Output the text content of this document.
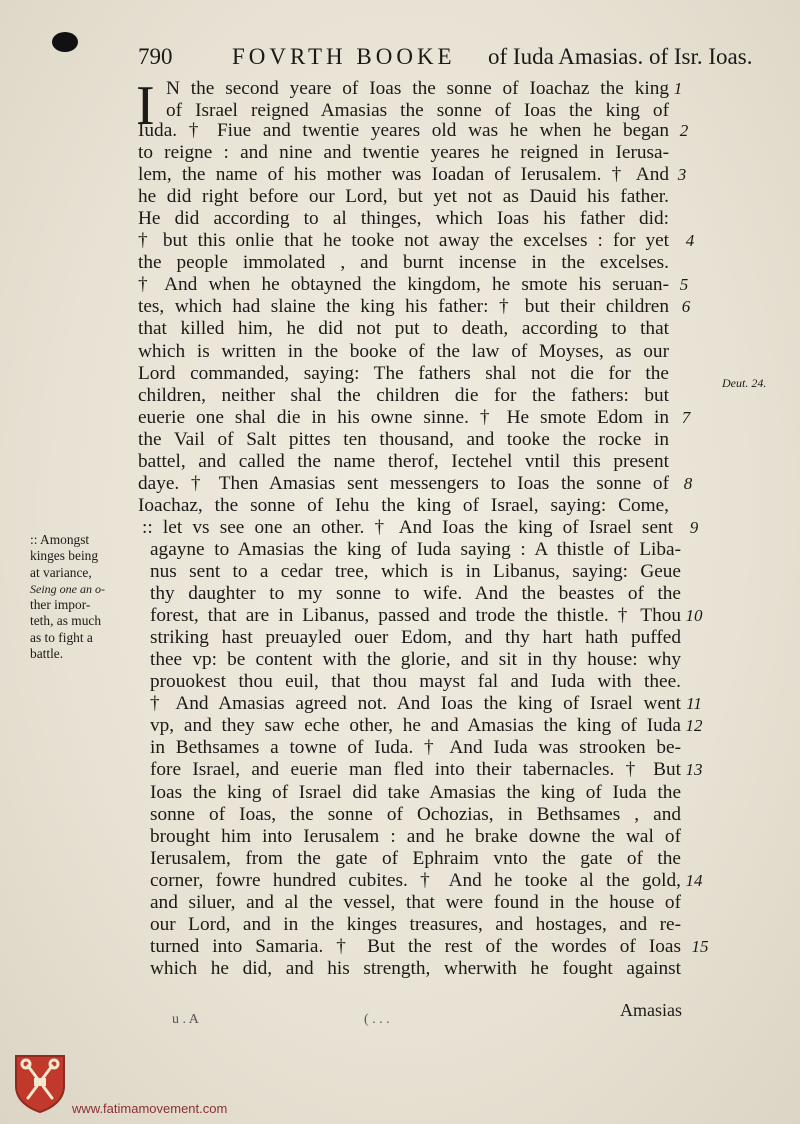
790	FOVRTH BOOKE of Iuda Amasias. of Isr. Ioas.
I N the second yeare of Ioas the sonne of Ioachaz the king
of Israel reigned Amasias the sonne of Ioas the king of
Iuda. † Fiue and twentie yeares old was he when he began
to reigne : and nine and twentie yeares he reigned in Ierusa-
lem, the name of his mother was Ioadan of Ierusalem. † And
he did right before our Lord, but yet not as Dauid his father.
He did according to al thinges, which Ioas his father did:
† but this onlie that he tooke not away the excelses : for yet
the people immolated , and burnt incense in the excelses.
† And when he obtayned the kingdom, he smote his seruan-
tes, which had slaine the king his father: † but their children
that killed him, he did not put to death, according to that
which is written in the booke of the law of Moyses, as our
Lord commanded, saying: The fathers shal not die for the
children, neither shal the children die for the fathers: but
euerie one shal die in his owne sinne. † He smote Edom in
the Vail of Salt pittes ten thousand, and tooke the rocke in
battel, and called the name therof, Iectehel vntil this present
daye. † Then Amasias sent messengers to Ioas the sonne of
Ioachaz, the sonne of Iehu the king of Israel, saying: Come,
:: let vs see one an other. † And Ioas the king of Israel sent
agayne to Amasias the king of Iuda saying : A thistle of Liba-
nus sent to a cedar tree, which is in Libanus, saying: Geue
thy daughter to my sonne to wife. And the beastes of the
forest, that are in Libanus, passed and trode the thistle. † Thou
striking hast preuayled ouer Edom, and thy hart hath puffed
thee vp: be content with the glorie, and sit in thy house: why
prouokest thou euil, that thou mayst fal and Iuda with thee.
† And Amasias agreed not. And Ioas the king of Israel went
vp, and they saw eche other, he and Amasias the king of Iuda
in Bethsames a towne of Iuda. † And Iuda was strooken be-
fore Israel, and euerie man fled into their tabernacles. † But
Ioas the king of Israel did take Amasias the king of Iuda the
sonne of Ioas, the sonne of Ochozias, in Bethsames , and
brought him into Ierusalem : and he brake downe the wal of
Ierusalem, from the gate of Ephraim vnto the gate of the
corner, fowre hundred cubites. † And he tooke al the gold,
and siluer, and al the vessel, that were found in the house of
our Lord, and in the kinges treasures, and hostages, and re-
turned into Samaria. † But the rest of the wordes of Ioas
which he did, and his strength, wherwith he fought against
1
2
3
4
5
6
7
8
9
10
11
12
13
14
15
Deut. 24.
:: Amongst
kinges being
at variance,
Seing one an o-
ther impor-
teth, as much
as to fight a
battle.
Amasias
u . A	( . . .
www.fatimamovement.com
